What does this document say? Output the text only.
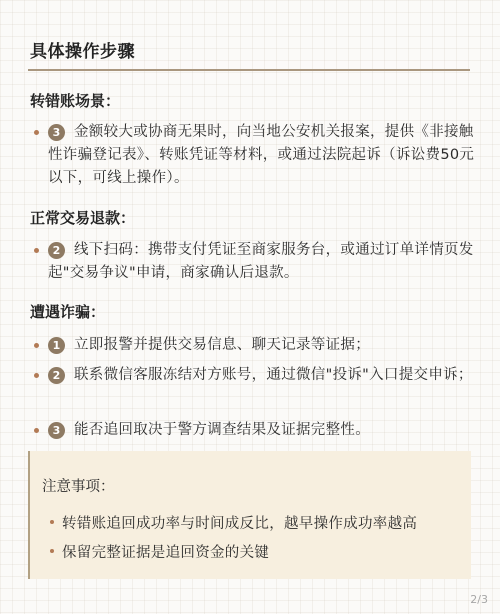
具体操作步骤
转错账场景：
3 金额较大或协商无果时，向当地公安机关报案，提供《非接触性诈骗登记表》、转账凭证等材料，或通过法院起诉（诉讼费50元以下，可线上操作）。
正常交易退款：
2 线下扫码：携带支付凭证至商家服务台，或通过订单详情页发起"交易争议"申请，商家确认后退款。
遭遇诈骗：
1 立即报警并提供交易信息、聊天记录等证据；
2 联系微信客服冻结对方账号，通过微信"投诉"入口提交申诉；
3 能否追回取决于警方调查结果及证据完整性。
注意事项：
转错账追回成功率与时间成反比，越早操作成功率越高
保留完整证据是追回资金的关键
2/3
